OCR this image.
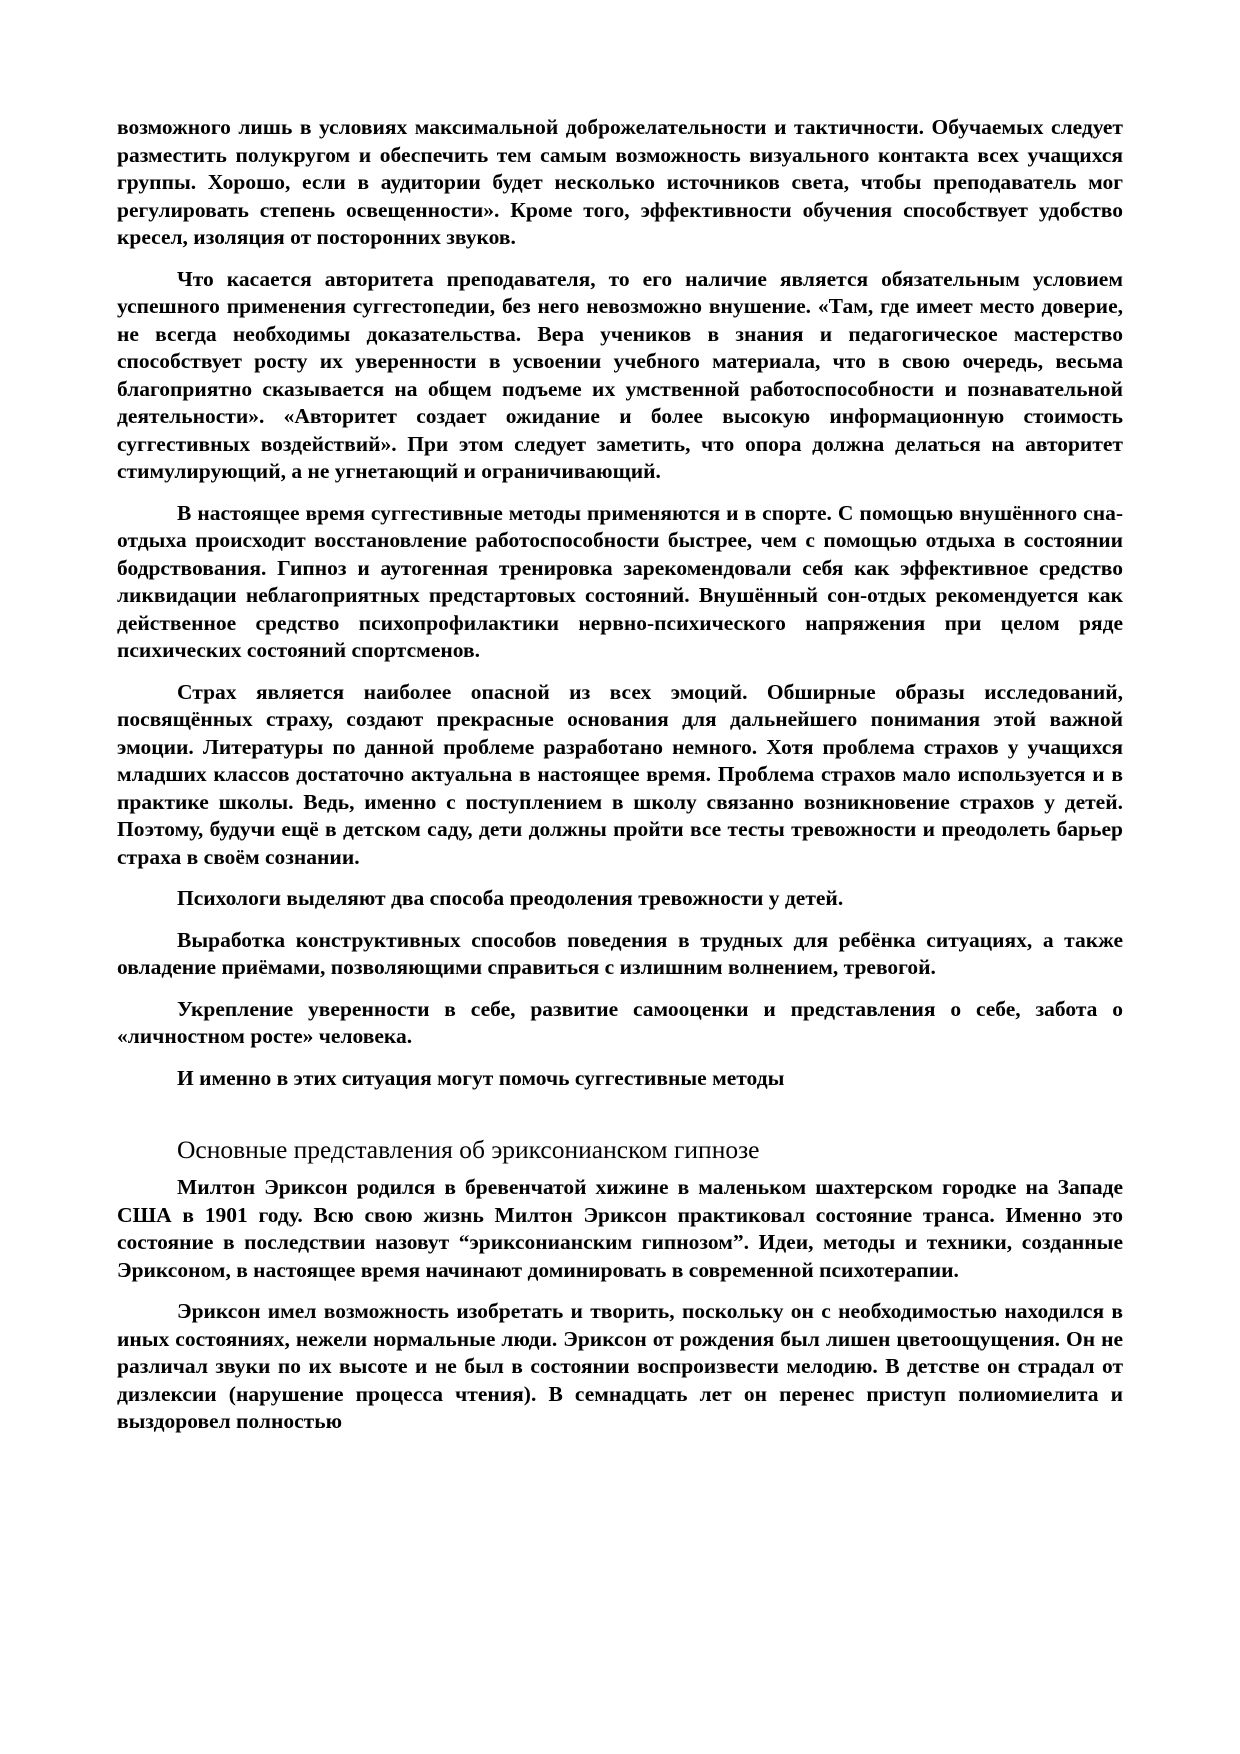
возможного лишь в условиях максимальной доброжелательности и тактичности. Обучаемых следует разместить полукругом и обеспечить тем самым возможность визуального контакта всех учащихся группы. Хорошо, если в аудитории будет несколько источников света, чтобы преподаватель мог регулировать степень освещенности». Кроме того, эффективности обучения способствует удобство кресел, изоляция от посторонних звуков.

Что касается авторитета преподавателя, то его наличие является обязательным условием успешного применения суггестопедии, без него невозможно внушение. «Там, где имеет место доверие, не всегда необходимы доказательства. Вера учеников в знания и педагогическое мастерство способствует росту их уверенности в усвоении учебного материала, что в свою очередь, весьма благоприятно сказывается на общем подъеме их умственной работоспособности и познавательной деятельности». «Авторитет создает ожидание и более высокую информационную стоимость суггестивных воздействий». При этом следует заметить, что опора должна делаться на авторитет стимулирующий, а не угнетающий и ограничивающий.

В настоящее время суггестивные методы применяются и в спорте. С помощью внушённого сна-отдыха происходит восстановление работоспособности быстрее, чем с помощью отдыха в состоянии бодрствования. Гипноз и аутогенная тренировка зарекомендовали себя как эффективное средство ликвидации неблагоприятных предстартовых состояний. Внушённый сон-отдых рекомендуется как действенное средство психопрофилактики нервно-психического напряжения при целом ряде психических состояний спортсменов.

Страх является наиболее опасной из всех эмоций. Обширные образы исследований, посвящённых страху, создают прекрасные основания для дальнейшего понимания этой важной эмоции. Литературы по данной проблеме разработано немного. Хотя проблема страхов у учащихся младших классов достаточно актуальна в настоящее время. Проблема страхов мало используется и в практике школы. Ведь, именно с поступлением в школу связанно возникновение страхов у детей. Поэтому, будучи ещё в детском саду, дети должны пройти все тесты тревожности и преодолеть барьер страха в своём сознании.

Психологи выделяют два способа преодоления тревожности у детей.

Выработка конструктивных способов поведения в трудных для ребёнка ситуациях, а также овладение приёмами, позволяющими справиться с излишним волнением, тревогой.

Укрепление уверенности в себе, развитие самооценки и представления о себе, забота о «личностном росте» человека.

И именно в этих ситуация могут помочь суггестивные методы

Основные представления об эриксонианском гипнозе

Милтон Эриксон родился в бревенчатой хижине в маленьком шахтерском городке на Западе США в 1901 году. Всю свою жизнь Милтон Эриксон практиковал состояние транса. Именно это состояние в последствии назовут “эриксонианским гипнозом”. Идеи, методы и техники, созданные Эриксоном, в настоящее время начинают доминировать в современной психотерапии.

Эриксон имел возможность изобретать и творить, поскольку он с необходимостью находился в иных состояниях, нежели нормальные люди. Эриксон от рождения был лишен цветоощущения. Он не различал звуки по их высоте и не был в состоянии воспроизвести мелодию. В детстве он страдал от дизлексии (нарушение процесса чтения). В семнадцать лет он перенес приступ полиомиелита и выздоровел полностью
